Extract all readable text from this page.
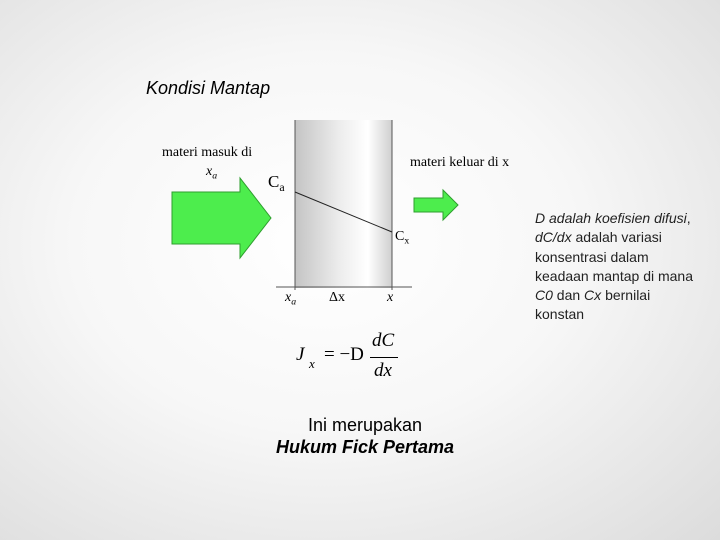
Kondisi Mantap

materi masuk di

$x_a$

materi keluar di x

$C_a$

$C_x$

$x_a$ Δx	x

J x = −D
dC
dx

D adalah koefisien difusi, dC/dx adalah variasi konsentrasi dalam keadaan mantap di mana C0 dan Cx bernilai konstan

Ini merupakan
Hukum Fick Pertama
